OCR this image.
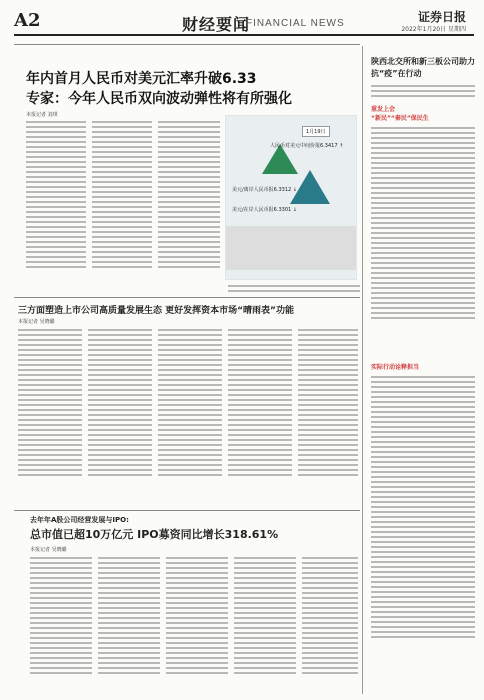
A2	财经要闻
FINANCIAL NEWS	证券日报
2022年1月20日 星期四
年内首月人民币对美元汇率升破6.33
专家：今年人民币双向波动弹性将有所强化
本报记者 刘琪
1月19日
人民币对美元中间价报6.3417 ↑
美元/离岸人民币报6.3312 ↓
美元/在岸人民币报6.3301 ↓
三方面塑造上市公司高质量发展生态 更好发挥资本市场“晴雨表”功能
本报记者 吴晓璐
去年年A股公司经营发展与IPO:
总市值已超10万亿元 IPO募资同比增长318.61%
本报记者 吴晓璐
陕西北交所和新三板公司助力抗“疫”在行动
重发上会
“新民”“秦民”保民生
实际行动诠释担当
